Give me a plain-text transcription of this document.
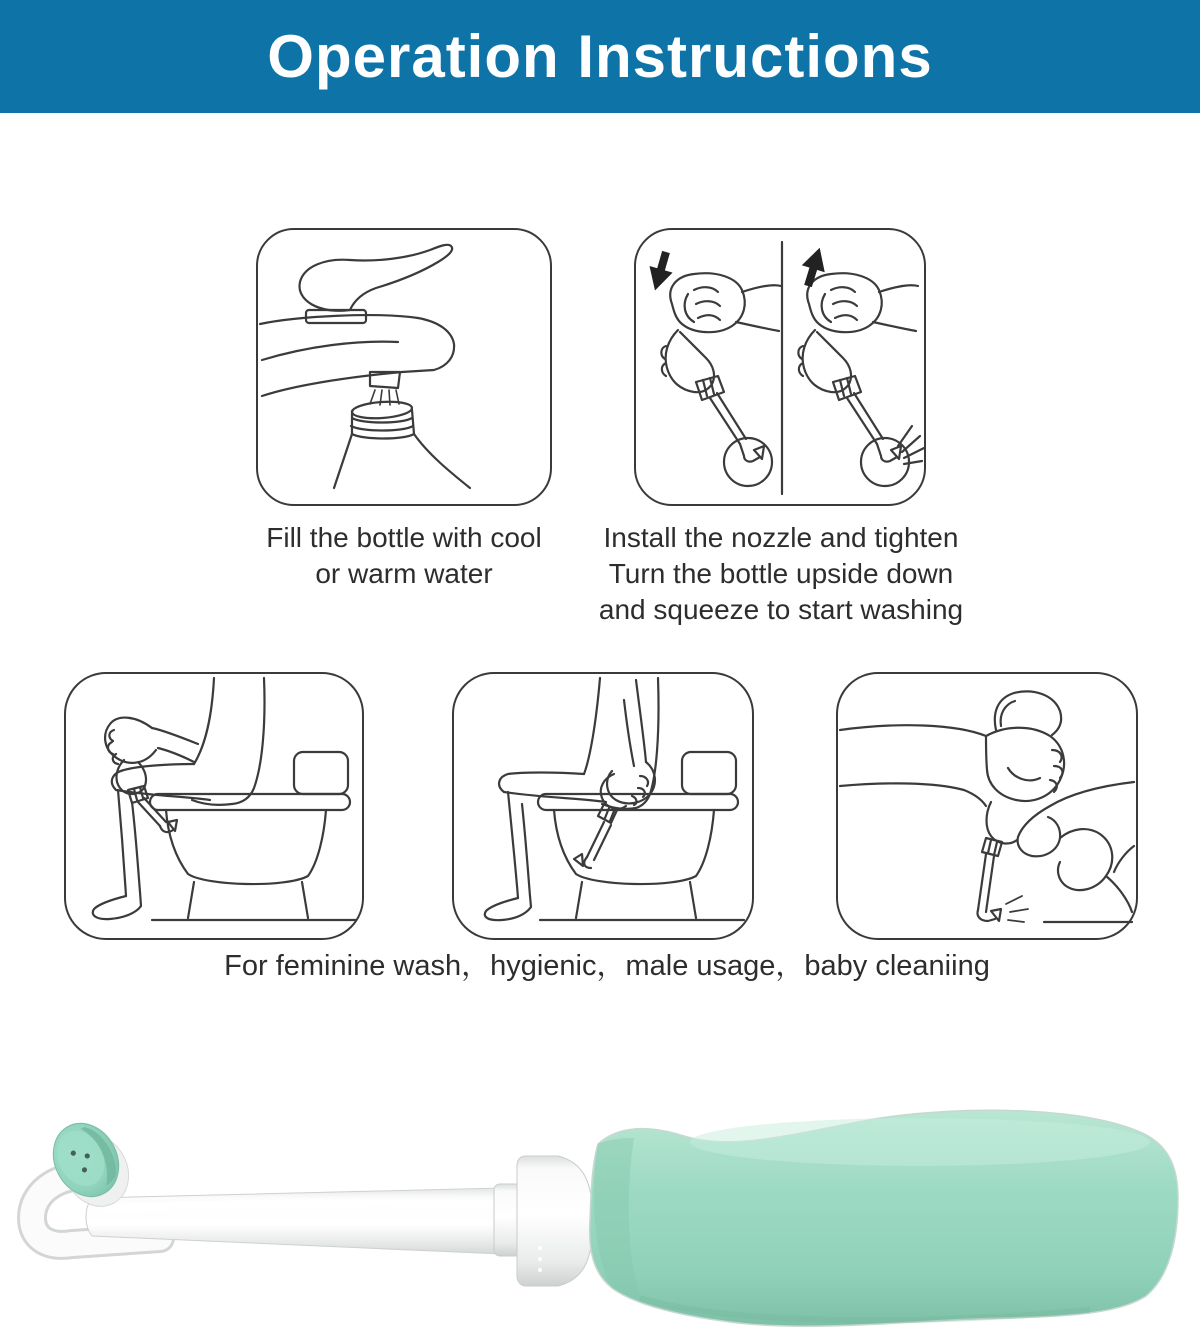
Operation Instructions
Fill the bottle with cool
or warm water
Install the nozzle and tighten
Turn the bottle upside down
and squeeze to start washing
For feminine wash，hygienic，male usage，baby cleaniing
